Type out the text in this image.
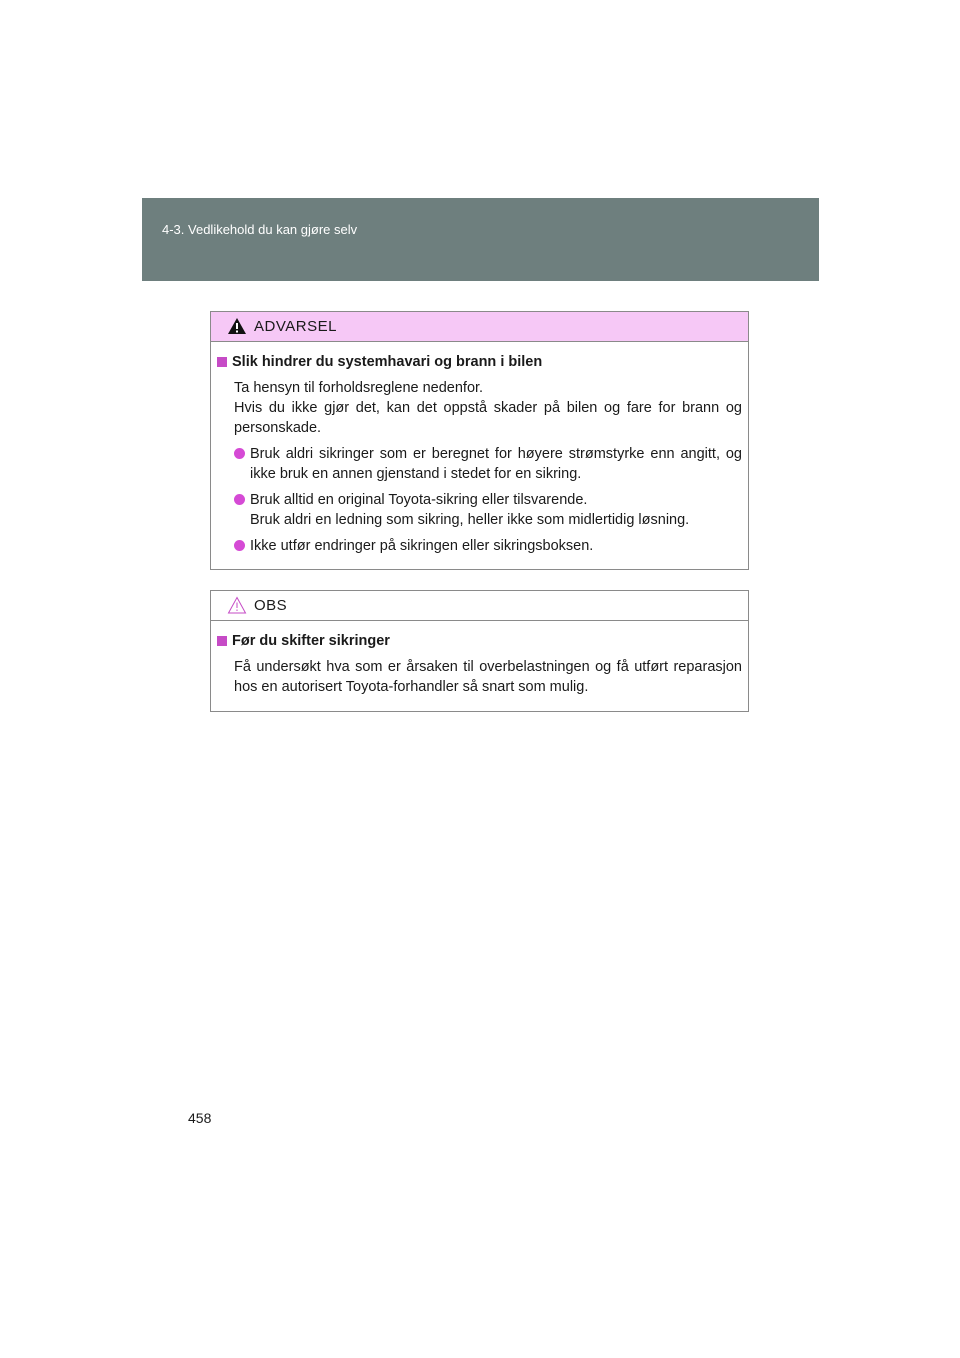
4-3. Vedlikehold du kan gjøre selv
ADVARSEL
Slik hindrer du systemhavari og brann i bilen
Ta hensyn til forholdsreglene nedenfor.
Hvis du ikke gjør det, kan det oppstå skader på bilen og fare for brann og personskade.
Bruk aldri sikringer som er beregnet for høyere strømstyrke enn angitt, og ikke bruk en annen gjenstand i stedet for en sikring.
Bruk alltid en original Toyota-sikring eller tilsvarende.
Bruk aldri en ledning som sikring, heller ikke som midlertidig løsning.
Ikke utfør endringer på sikringen eller sikringsboksen.
OBS
Før du skifter sikringer
Få undersøkt hva som er årsaken til overbelastningen og få utført reparasjon hos en autorisert Toyota-forhandler så snart som mulig.
458
